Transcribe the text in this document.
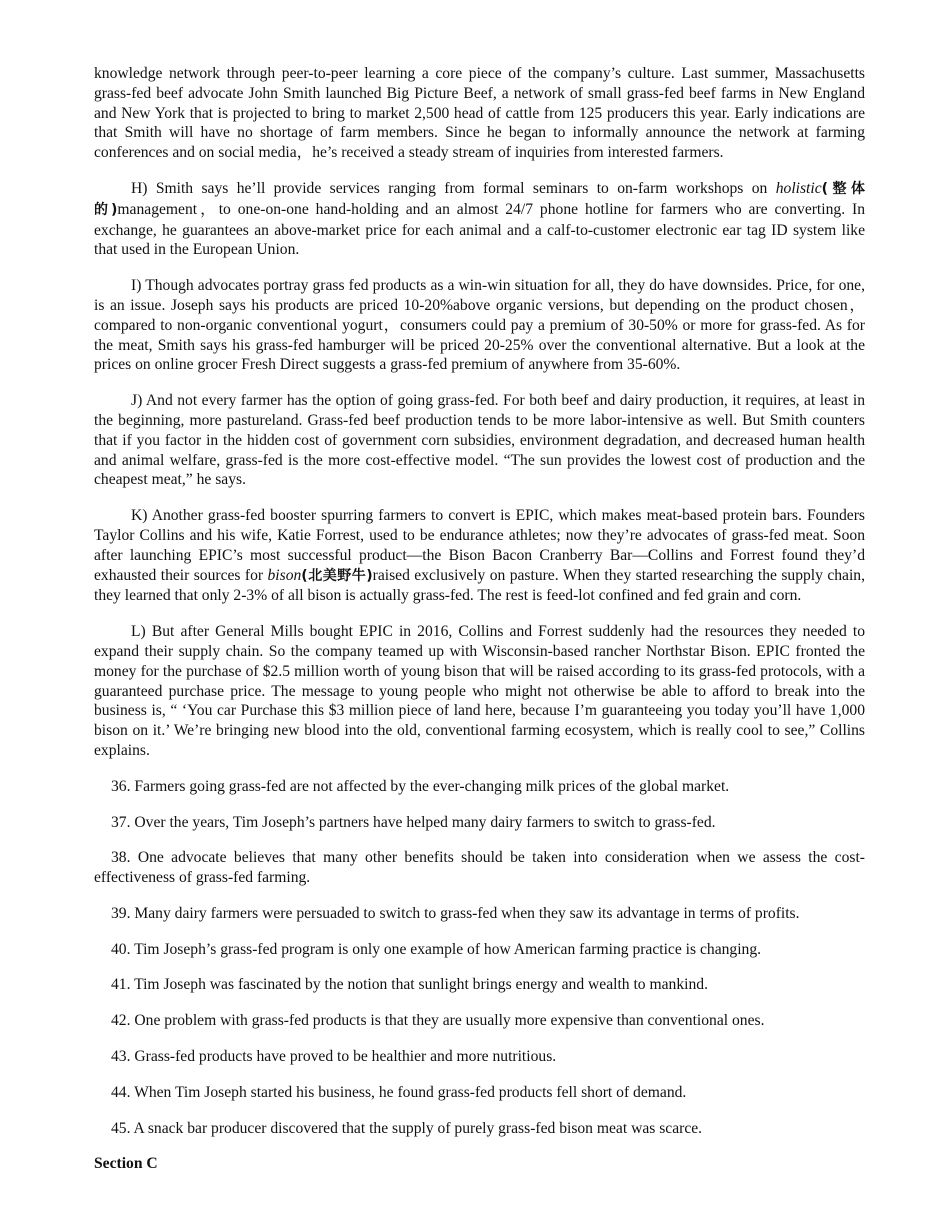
knowledge network through peer-to-peer learning a core piece of the company’s culture. Last summer, Massachusetts grass-fed beef advocate John Smith launched Big Picture Beef, a network of small grass-fed beef farms in New England and New York that is projected to bring to market 2,500 head of cattle from 125 producers this year. Early indications are that Smith will have no shortage of farm members. Since he began to informally announce the network at farming conferences and on social media，he’s received a steady stream of inquiries from interested farmers.

H) Smith says he’ll provide services ranging from formal seminars to on-farm workshops on holistic(整体的)management，to one-on-one hand-holding and an almost 24/7 phone hotline for farmers who are converting. In exchange, he guarantees an above-market price for each animal and a calf-to-customer electronic ear tag ID system like that used in the European Union.

I) Though advocates portray grass fed products as a win-win situation for all, they do have downsides. Price, for one, is an issue. Joseph says his products are priced 10-20%above organic versions, but depending on the product chosen，compared to non-organic conventional yogurt，consumers could pay a premium of 30-50% or more for grass-fed. As for the meat, Smith says his grass-fed hamburger will be priced 20-25% over the conventional alternative. But a look at the prices on online grocer Fresh Direct suggests a grass-fed premium of anywhere from 35-60%.

J) And not every farmer has the option of going grass-fed. For both beef and dairy production, it requires, at least in the beginning, more pastureland. Grass-fed beef production tends to be more labor-intensive as well. But Smith counters that if you factor in the hidden cost of government corn subsidies, environment degradation, and decreased human health and animal welfare, grass-fed is the more cost-effective model. “The sun provides the lowest cost of production and the cheapest meat,” he says.

K) Another grass-fed booster spurring farmers to convert is EPIC, which makes meat-based protein bars. Founders Taylor Collins and his wife, Katie Forrest, used to be endurance athletes; now they’re advocates of grass-fed meat. Soon after launching EPIC’s most successful product—the Bison Bacon Cranberry Bar—Collins and Forrest found they’d exhausted their sources for bison(北美野牛)raised exclusively on pasture. When they started researching the supply chain, they learned that only 2-3% of all bison is actually grass-fed. The rest is feed-lot confined and fed grain and corn.

L) But after General Mills bought EPIC in 2016, Collins and Forrest suddenly had the resources they needed to expand their supply chain. So the company teamed up with Wisconsin-based rancher Northstar Bison. EPIC fronted the money for the purchase of $2.5 million worth of young bison that will be raised according to its grass-fed protocols, with a guaranteed purchase price. The message to young people who might not otherwise be able to afford to break into the business is, “ ‘You car Purchase this $3 million piece of land here, because I’m guaranteeing you today you’ll have 1,000 bison on it.’ We’re bringing new blood into the old, conventional farming ecosystem, which is really cool to see,” Collins explains.

36. Farmers going grass-fed are not affected by the ever-changing milk prices of the global market.

37. Over the years, Tim Joseph’s partners have helped many dairy farmers to switch to grass-fed.

38. One advocate believes that many other benefits should be taken into consideration when we assess the cost-effectiveness of grass-fed farming.

39. Many dairy farmers were persuaded to switch to grass-fed when they saw its advantage in terms of profits.

40. Tim Joseph’s grass-fed program is only one example of how American farming practice is changing.

41. Tim Joseph was fascinated by the notion that sunlight brings energy and wealth to mankind.

42. One problem with grass-fed products is that they are usually more expensive than conventional ones.

43. Grass-fed products have proved to be healthier and more nutritious.

44. When Tim Joseph started his business, he found grass-fed products fell short of demand.

45. A snack bar producer discovered that the supply of purely grass-fed bison meat was scarce.

Section C
